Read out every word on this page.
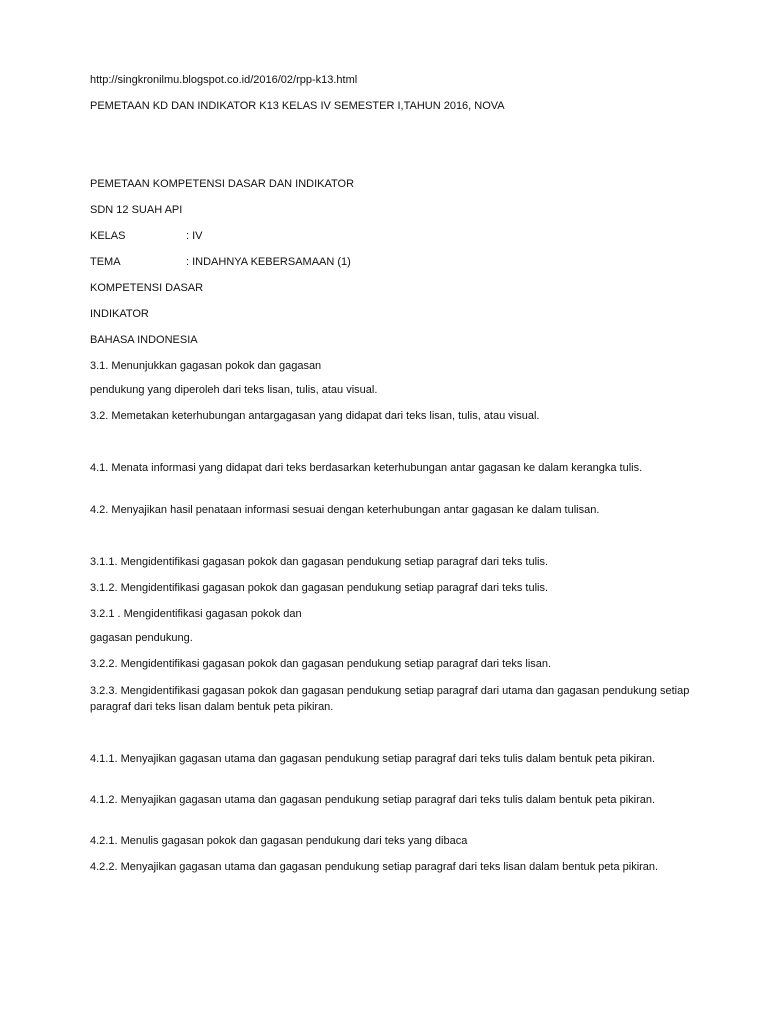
http://singkronilmu.blogspot.co.id/2016/02/rpp-k13.html
PEMETAAN KD DAN INDIKATOR K13 KELAS IV SEMESTER I,TAHUN 2016, NOVA
PEMETAAN KOMPETENSI DASAR DAN INDIKATOR
SDN 12 SUAH API
KELAS	: IV
TEMA	: INDAHNYA KEBERSAMAAN (1)
KOMPETENSI DASAR
INDIKATOR
BAHASA INDONESIA
3.1. Menunjukkan gagasan pokok dan gagasan
pendukung yang diperoleh dari teks lisan, tulis, atau visual.
3.2. Memetakan keterhubungan antargagasan yang didapat dari teks lisan, tulis, atau visual.
4.1. Menata informasi yang didapat dari teks berdasarkan keterhubungan antar gagasan ke dalam kerangka tulis.
4.2. Menyajikan hasil penataan informasi sesuai dengan keterhubungan antar gagasan ke dalam tulisan.
3.1.1. Mengidentifikasi gagasan pokok dan gagasan pendukung setiap paragraf dari teks tulis.
3.1.2. Mengidentifikasi gagasan pokok dan gagasan pendukung setiap paragraf dari teks tulis.
3.2.1 . Mengidentifikasi gagasan pokok dan
gagasan pendukung.
3.2.2. Mengidentifikasi gagasan pokok dan gagasan pendukung setiap paragraf dari teks lisan.
3.2.3. Mengidentifikasi gagasan pokok dan gagasan pendukung setiap paragraf dari utama dan gagasan pendukung setiap paragraf dari teks lisan dalam bentuk peta pikiran.
4.1.1. Menyajikan gagasan utama dan gagasan pendukung setiap paragraf dari teks tulis dalam bentuk peta pikiran.
4.1.2. Menyajikan gagasan utama dan gagasan pendukung setiap paragraf dari teks tulis dalam bentuk peta pikiran.
4.2.1. Menulis gagasan pokok dan gagasan pendukung dari teks yang dibaca
4.2.2. Menyajikan gagasan utama dan gagasan pendukung setiap paragraf dari teks lisan dalam bentuk peta pikiran.
